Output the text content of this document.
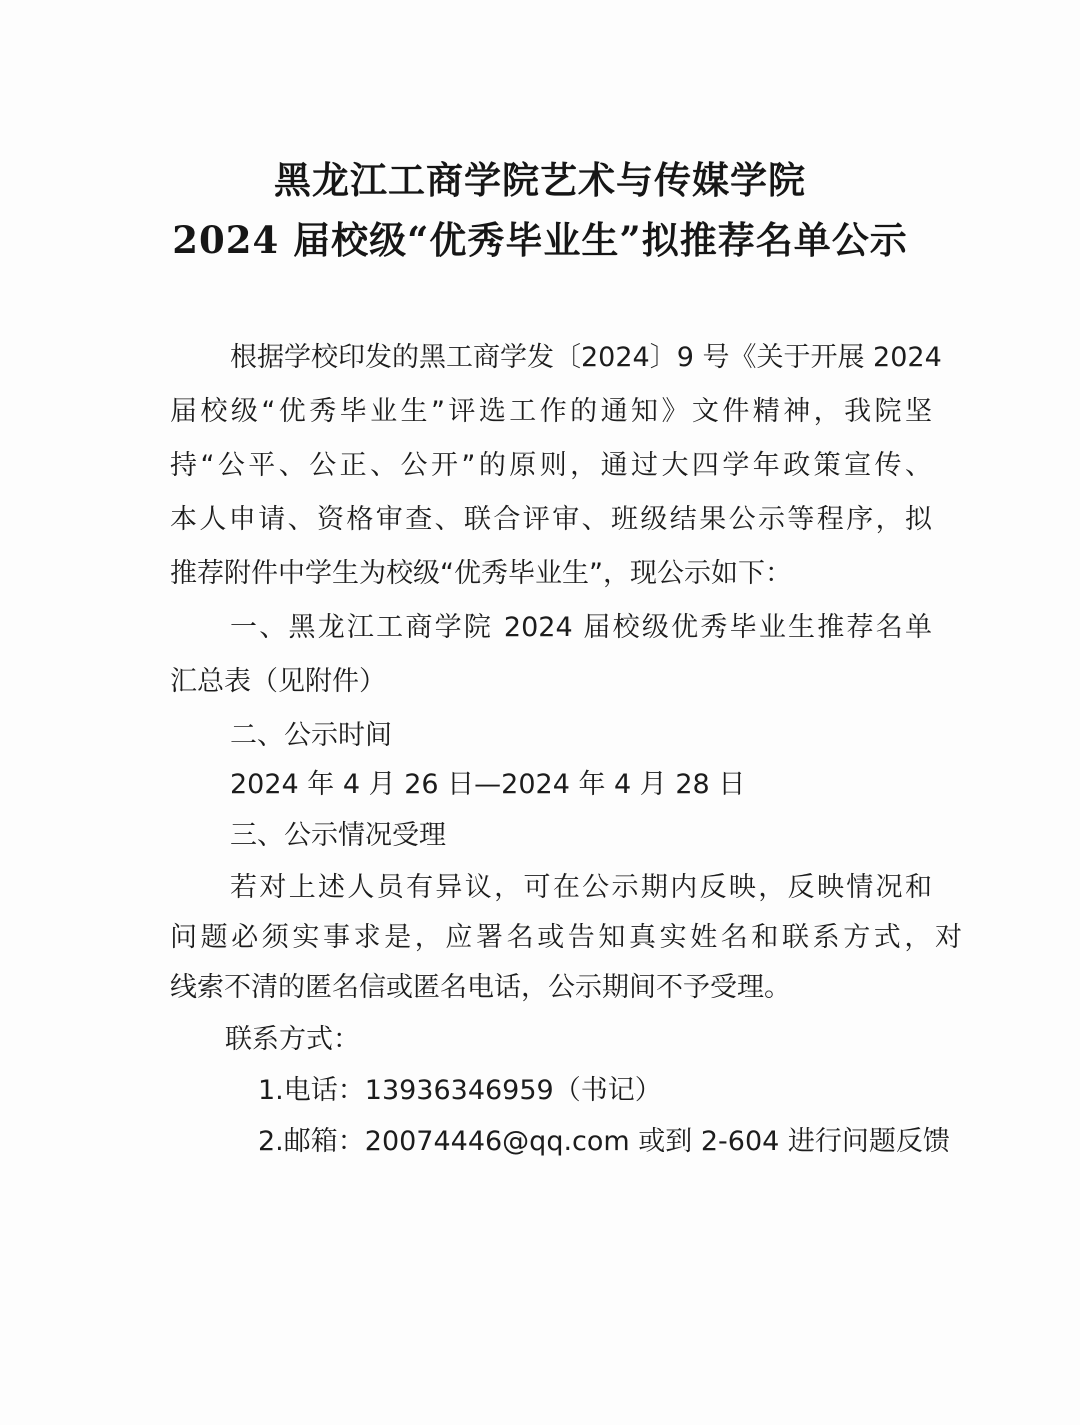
黑龙江工商学院艺术与传媒学院
2024 届校级“优秀毕业生”拟推荐名单公示
根据学校印发的黑工商学发〔2024〕9 号《关于开展 2024
届校级“优秀毕业生”评选工作的通知》文件精神，我院坚
持“公平、公正、公开”的原则，通过大四学年政策宣传、
本人申请、资格审查、联合评审、班级结果公示等程序，拟
推荐附件中学生为校级“优秀毕业生”，现公示如下：
一、黑龙江工商学院 2024 届校级优秀毕业生推荐名单
汇总表（见附件）
二、公示时间
2024 年 4 月 26 日—2024 年 4 月 28 日
三、公示情况受理
若对上述人员有异议，可在公示期内反映，反映情况和
问题必须实事求是，应署名或告知真实姓名和联系方式，对
线索不清的匿名信或匿名电话，公示期间不予受理。
联系方式：
1.电话：13936346959（书记）
2.邮箱：20074446@qq.com 或到 2-604 进行问题反馈
